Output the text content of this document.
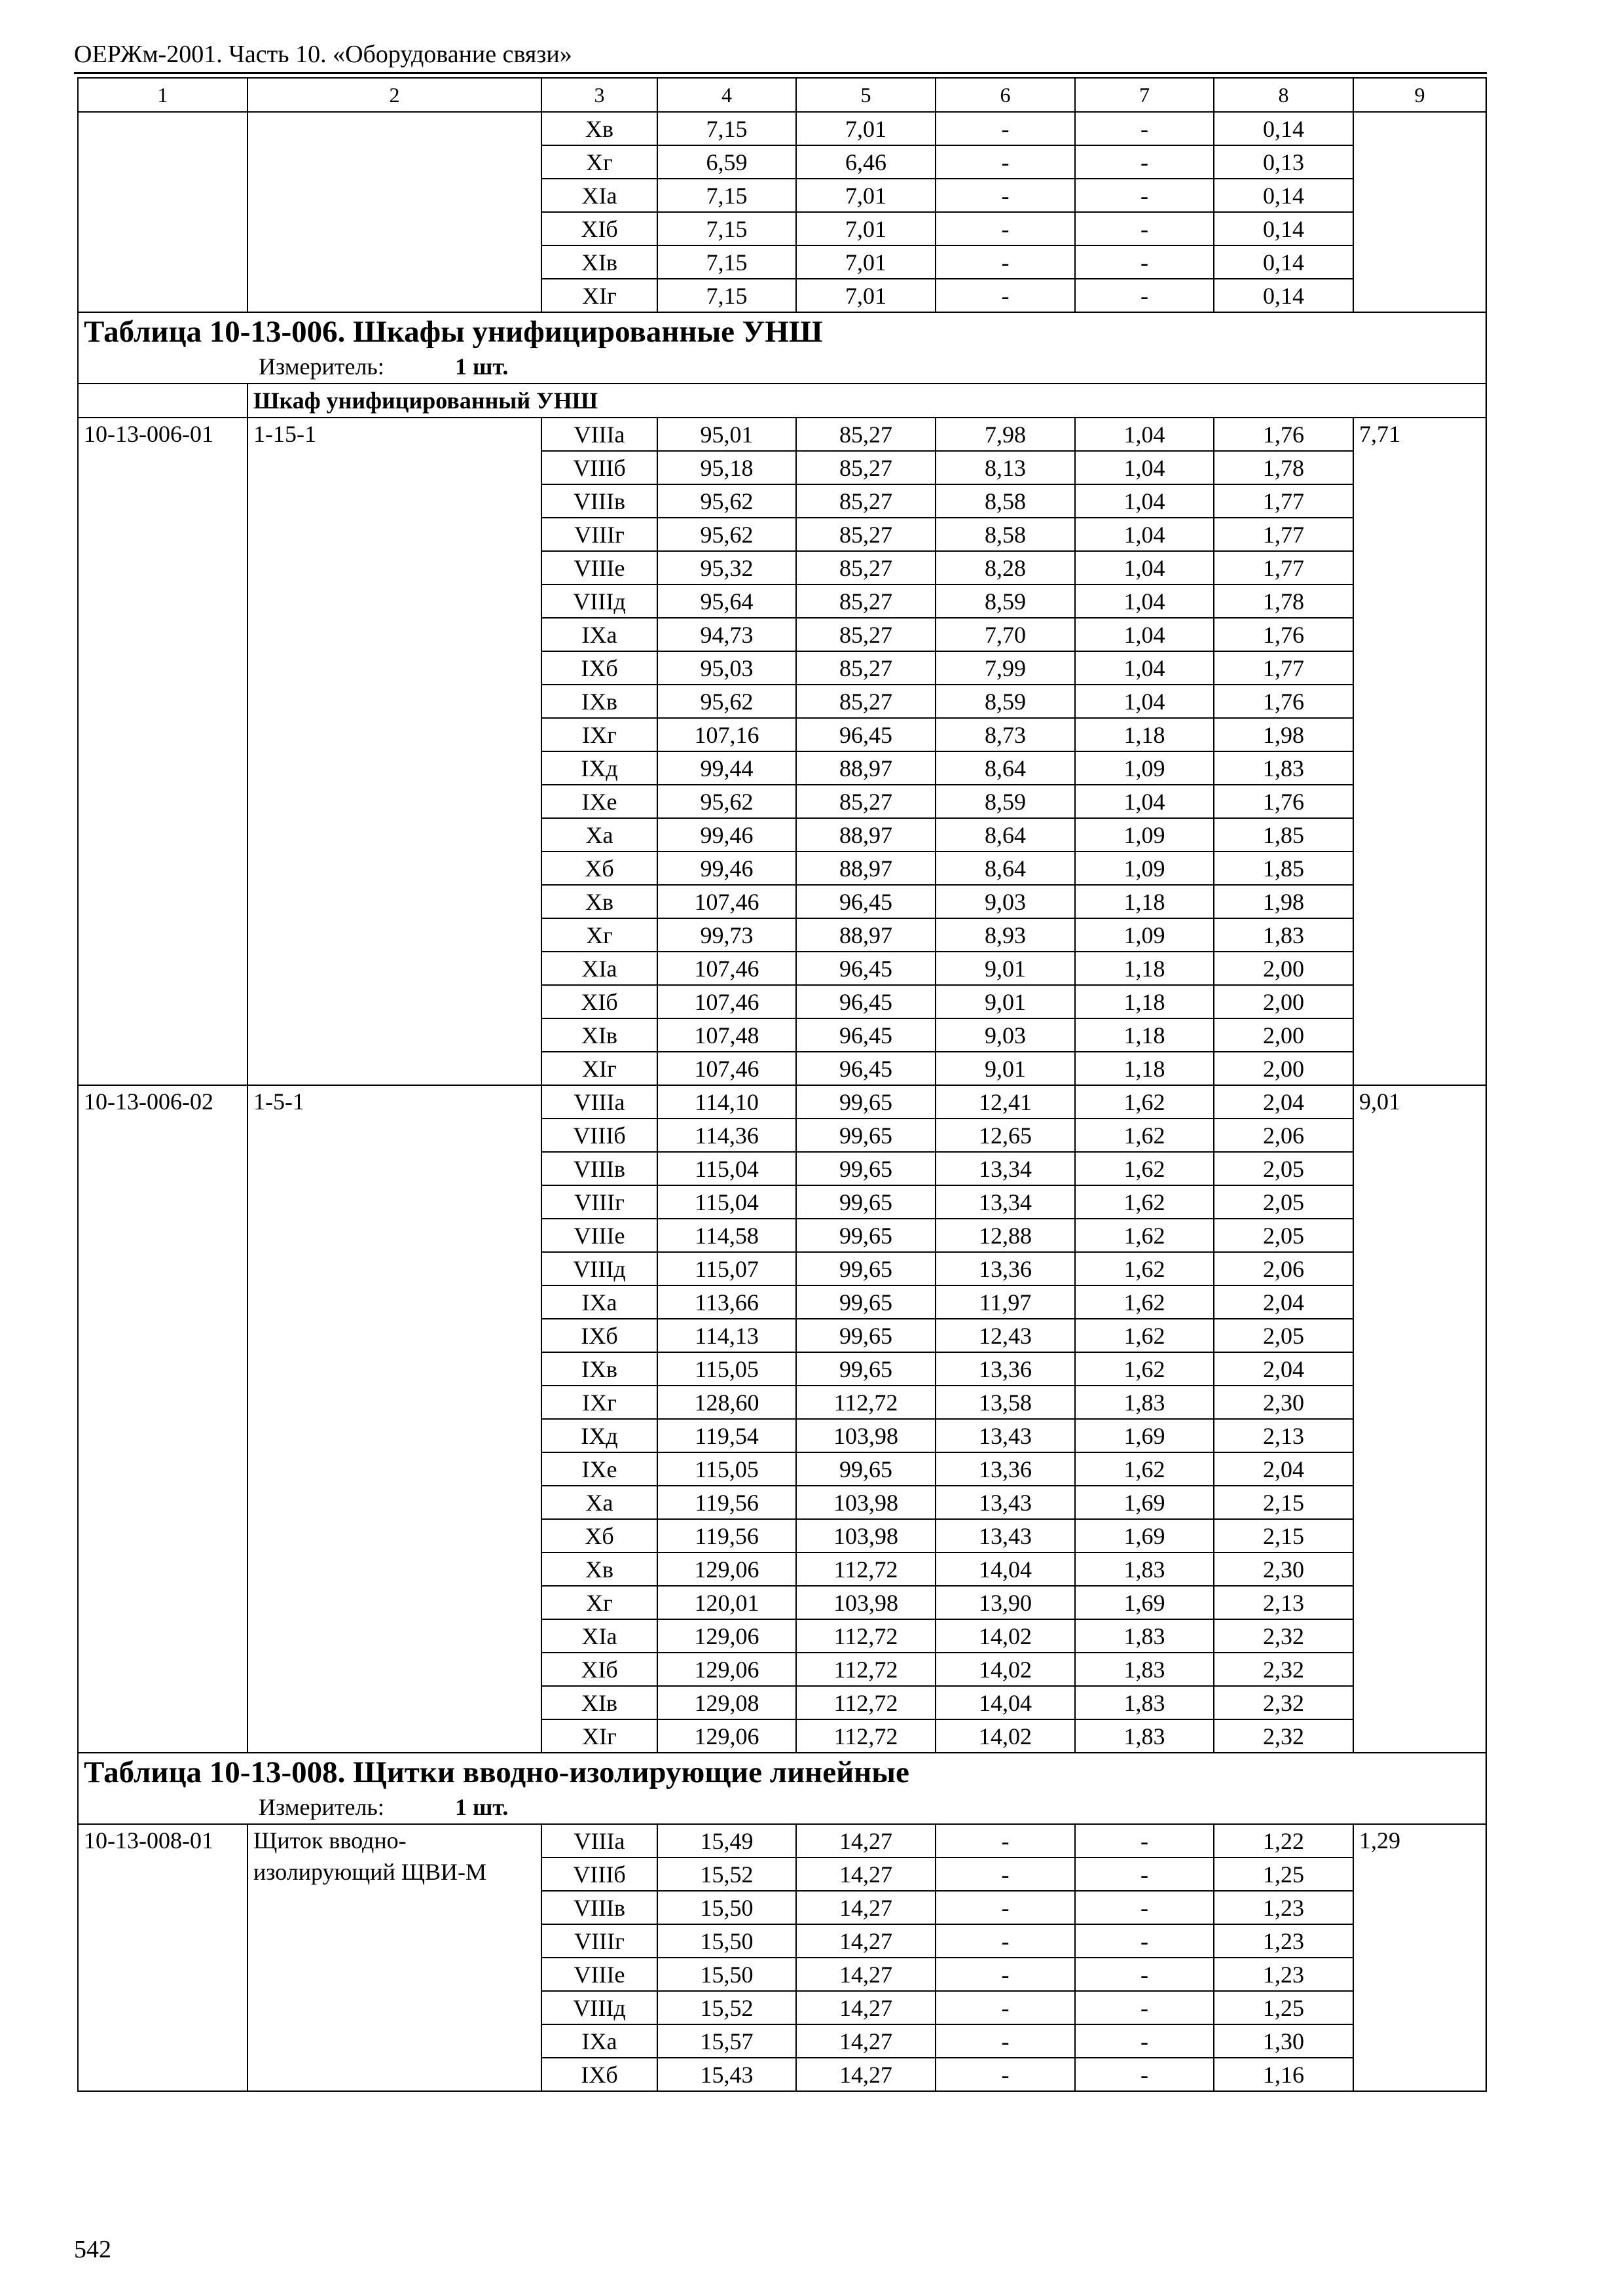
ОЕРЖм-2001. Часть 10. «Оборудование связи»
1	2	3	4	5	6	7	8	9
		Xв	7,15	7,01	-	-	0,14	
		Xг	6,59	6,46	-	-	0,13	
		XIа	7,15	7,01	-	-	0,14	
		XIб	7,15	7,01	-	-	0,14	
		XIв	7,15	7,01	-	-	0,14	
		XIг	7,15	7,01	-	-	0,14	
Таблица 10-13-006. Шкафы унифицированные УНШ								
Измеритель: 1 шт.								
	Шкаф унифицированный УНШ							
10-13-006-01	1-15-1	VIIIа	95,01	85,27	7,98	1,04	1,76	7,71
		VIIIб	95,18	85,27	8,13	1,04	1,78	
		VIIIв	95,62	85,27	8,58	1,04	1,77	
		VIIIг	95,62	85,27	8,58	1,04	1,77	
		VIIIе	95,32	85,27	8,28	1,04	1,77	
		VIIIд	95,64	85,27	8,59	1,04	1,78	
		IXа	94,73	85,27	7,70	1,04	1,76	
		IXб	95,03	85,27	7,99	1,04	1,77	
		IXв	95,62	85,27	8,59	1,04	1,76	
		IXг	107,16	96,45	8,73	1,18	1,98	
		IXд	99,44	88,97	8,64	1,09	1,83	
		IXе	95,62	85,27	8,59	1,04	1,76	
		Xа	99,46	88,97	8,64	1,09	1,85	
		Xб	99,46	88,97	8,64	1,09	1,85	
		Xв	107,46	96,45	9,03	1,18	1,98	
		Xг	99,73	88,97	8,93	1,09	1,83	
		XIа	107,46	96,45	9,01	1,18	2,00	
		XIб	107,46	96,45	9,01	1,18	2,00	
		XIв	107,48	96,45	9,03	1,18	2,00	
		XIг	107,46	96,45	9,01	1,18	2,00	
10-13-006-02	1-5-1	VIIIа	114,10	99,65	12,41	1,62	2,04	9,01
		VIIIб	114,36	99,65	12,65	1,62	2,06	
		VIIIв	115,04	99,65	13,34	1,62	2,05	
		VIIIг	115,04	99,65	13,34	1,62	2,05	
		VIIIе	114,58	99,65	12,88	1,62	2,05	
		VIIIд	115,07	99,65	13,36	1,62	2,06	
		IXа	113,66	99,65	11,97	1,62	2,04	
		IXб	114,13	99,65	12,43	1,62	2,05	
		IXв	115,05	99,65	13,36	1,62	2,04	
		IXг	128,60	112,72	13,58	1,83	2,30	
		IXд	119,54	103,98	13,43	1,69	2,13	
		IXе	115,05	99,65	13,36	1,62	2,04	
		Xа	119,56	103,98	13,43	1,69	2,15	
		Xб	119,56	103,98	13,43	1,69	2,15	
		Xв	129,06	112,72	14,04	1,83	2,30	
		Xг	120,01	103,98	13,90	1,69	2,13	
		XIа	129,06	112,72	14,02	1,83	2,32	
		XIб	129,06	112,72	14,02	1,83	2,32	
		XIв	129,08	112,72	14,04	1,83	2,32	
		XIг	129,06	112,72	14,02	1,83	2,32	
Таблица 10-13-008. Щитки вводно-изолирующие линейные								
Измеритель: 1 шт.								
10-13-008-01	Щиток вводно-изолирующий ЩВИ-М	VIIIа	15,49	14,27	-	-	1,22	1,29
		VIIIб	15,52	14,27	-	-	1,25	
		VIIIв	15,50	14,27	-	-	1,23	
		VIIIг	15,50	14,27	-	-	1,23	
		VIIIе	15,50	14,27	-	-	1,23	
		VIIIд	15,52	14,27	-	-	1,25	
		IXа	15,57	14,27	-	-	1,30	
		IXб	15,43	14,27	-	-	1,16	
542
